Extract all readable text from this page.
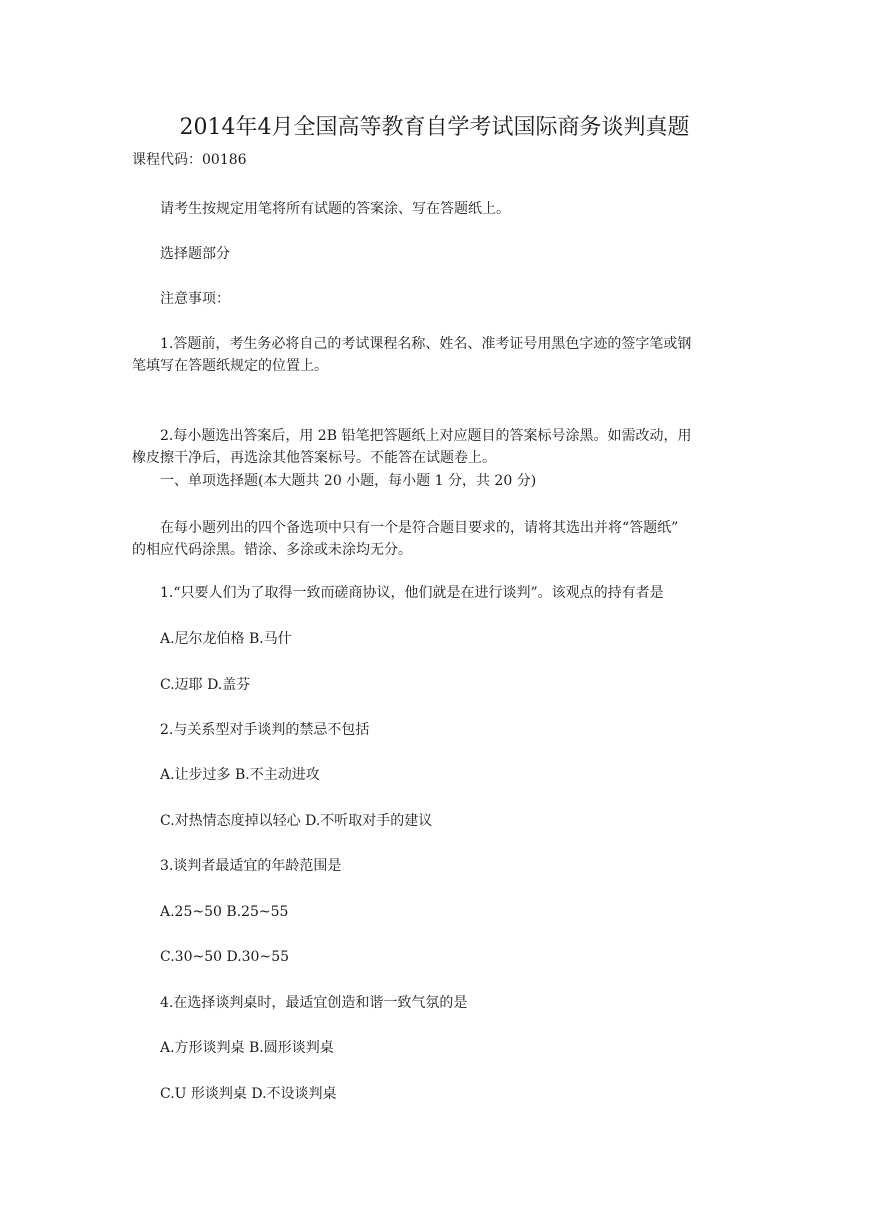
2014年4月全国高等教育自学考试国际商务谈判真题
课程代码：00186
请考生按规定用笔将所有试题的答案涂、写在答题纸上。
选择题部分
注意事项：
1.答题前，考生务必将自己的考试课程名称、姓名、准考证号用黑色字迹的签字笔或钢
笔填写在答题纸规定的位置上。
2.每小题选出答案后，用 2B 铅笔把答题纸上对应题目的答案标号涂黑。如需改动，用
橡皮擦干净后，再选涂其他答案标号。不能答在试题卷上。
一、单项选择题(本大题共 20 小题，每小题 1 分，共 20 分)
在每小题列出的四个备选项中只有一个是符合题目要求的，请将其选出并将“答题纸”
的相应代码涂黑。错涂、多涂或未涂均无分。
1.“只要人们为了取得一致而磋商协议，他们就是在进行谈判”。该观点的持有者是
A.尼尔龙伯格 B.马什
C.迈耶 D.盖芬
2.与关系型对手谈判的禁忌不包括
A.让步过多 B.不主动进攻
C.对热情态度掉以轻心 D.不听取对手的建议
3.谈判者最适宜的年龄范围是
A.25~50 B.25~55
C.30~50 D.30~55
4.在选择谈判桌时，最适宜创造和谐一致气氛的是
A.方形谈判桌 B.圆形谈判桌
C.U 形谈判桌 D.不设谈判桌
